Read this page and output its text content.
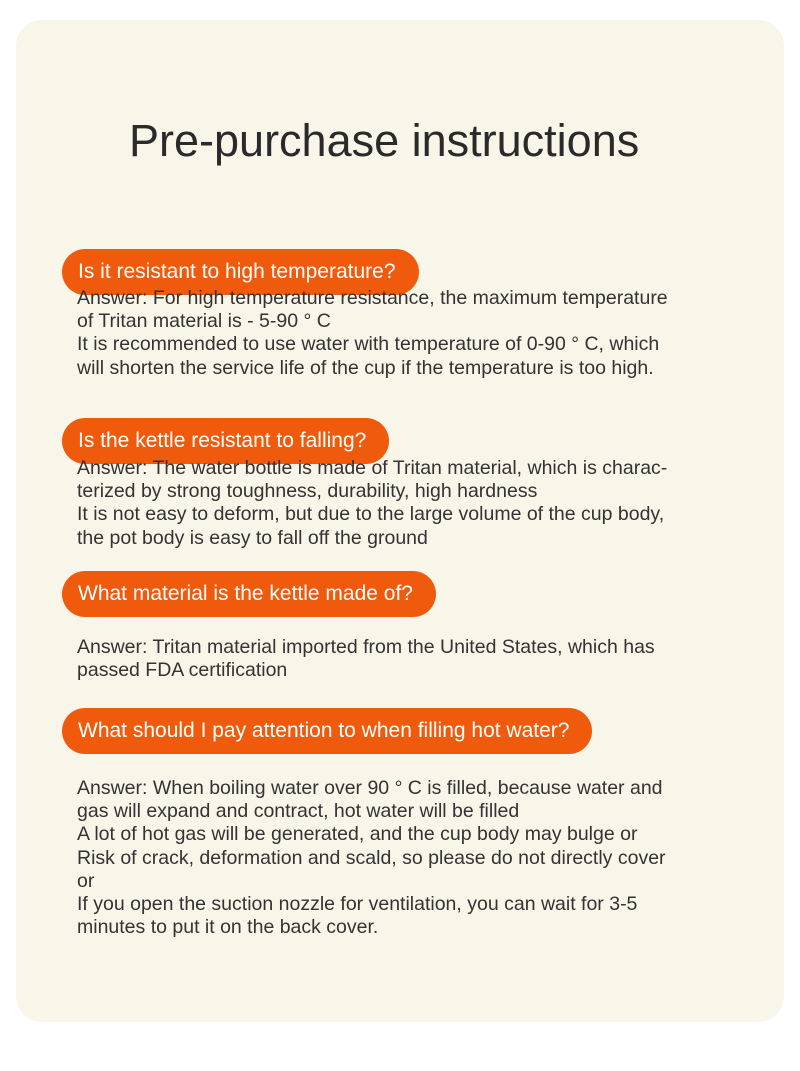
Pre-purchase instructions
Is it resistant to high temperature?
Answer: For high temperature resistance, the maximum temperature
of Tritan material is - 5-90 ° C
It is recommended to use water with temperature of 0-90 ° C, which
will shorten the service life of the cup if the temperature is too high.
Is the kettle resistant to falling?
Answer: The water bottle is made of Tritan material, which is charac-
terized by strong toughness, durability, high hardness
It is not easy to deform, but due to the large volume of the cup body,
the pot body is easy to fall off the ground
What material is the kettle made of?
Answer: Tritan material imported from the United States, which has
passed FDA certification
What should I pay attention to when filling hot water?
Answer: When boiling water over 90 ° C is filled, because water and
gas will expand and contract, hot water will be filled
A lot of hot gas will be generated, and the cup body may bulge or
Risk of crack, deformation and scald, so please do not directly cover
or
If you open the suction nozzle for ventilation, you can wait for 3-5
minutes to put it on the back cover.
